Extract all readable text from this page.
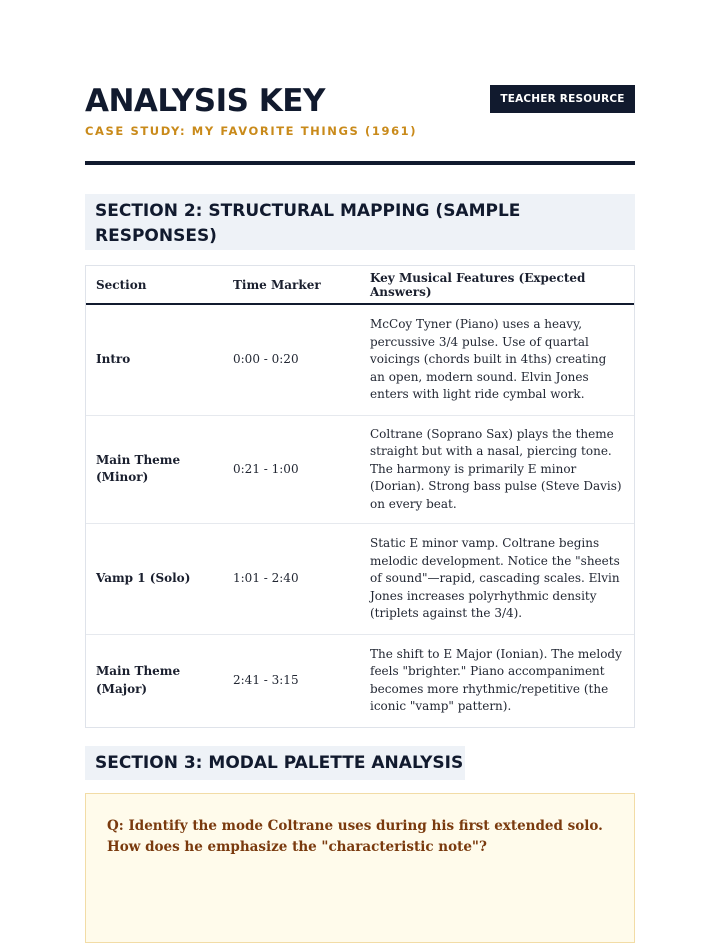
ANALYSIS KEY
CASE STUDY: MY FAVORITE THINGS (1961)
TEACHER RESOURCE
SECTION 2: STRUCTURAL MAPPING (SAMPLE RESPONSES)
Section	Time Marker	Key Musical Features (Expected Answers)
Intro	0:00 - 0:20	McCoy Tyner (Piano) uses a heavy, percussive 3/4 pulse. Use of quartal voicings (chords built in 4ths) creating an open, modern sound. Elvin Jones enters with light ride cymbal work.
Main Theme (Minor)	0:21 - 1:00	Coltrane (Soprano Sax) plays the theme straight but with a nasal, piercing tone. The harmony is primarily E minor (Dorian). Strong bass pulse (Steve Davis) on every beat.
Vamp 1 (Solo)	1:01 - 2:40	Static E minor vamp. Coltrane begins melodic development. Notice the "sheets of sound"—rapid, cascading scales. Elvin Jones increases polyrhythmic density (triplets against the 3/4).
Main Theme (Major)	2:41 - 3:15	The shift to E Major (Ionian). The melody feels "brighter." Piano accompaniment becomes more rhythmic/repetitive (the iconic "vamp" pattern).
SECTION 3: MODAL PALETTE ANALYSIS
Q: Identify the mode Coltrane uses during his first extended solo. How does he emphasize the "characteristic note"?
